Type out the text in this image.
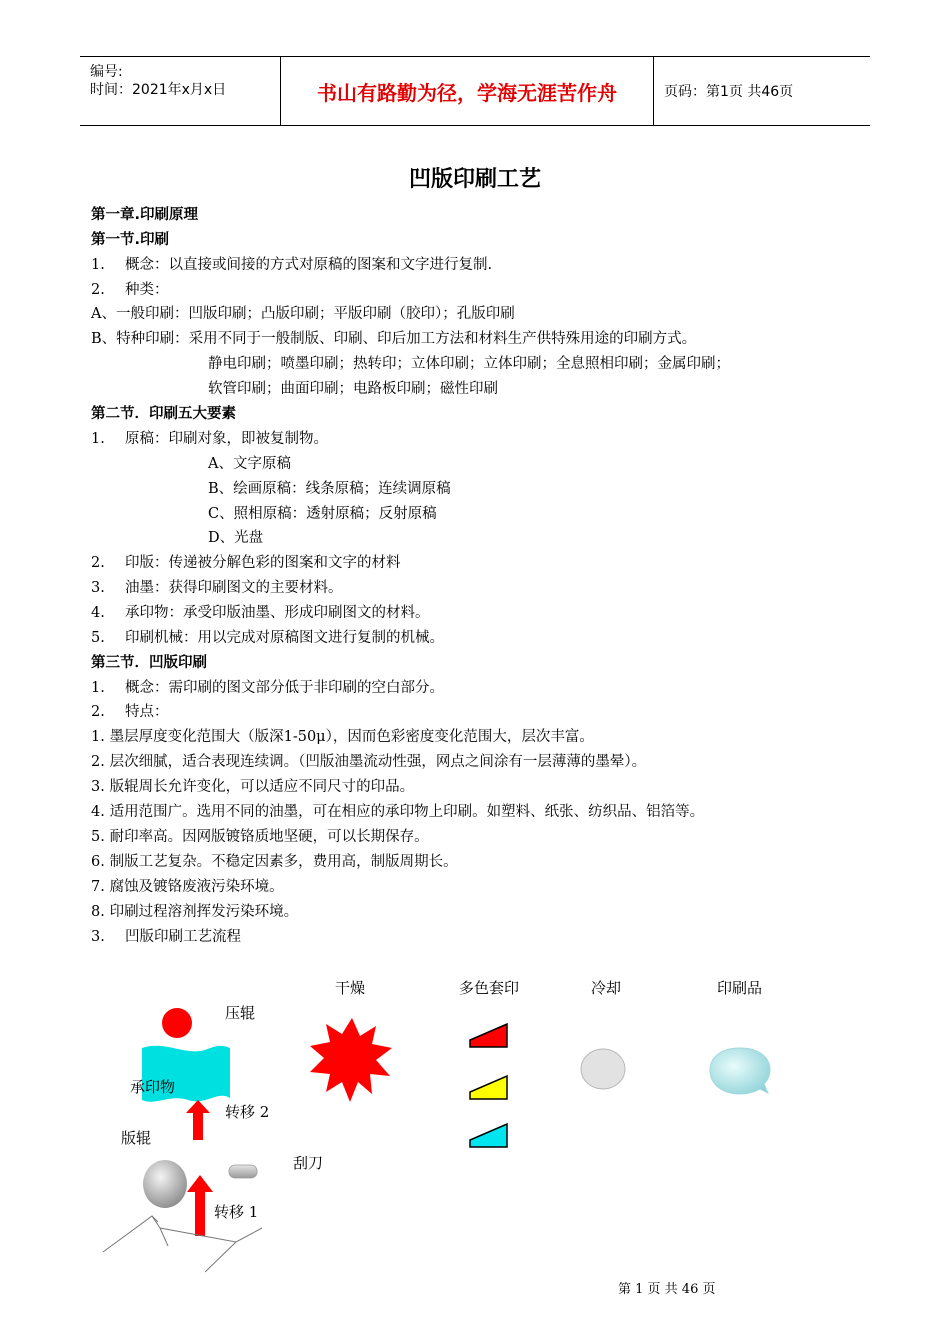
编号:
时间：2021年x月x日	书山有路勤为径，学海无涯苦作舟	页码：第1页 共46页
凹版印刷工艺
第一章.印刷原理
第一节.印刷
1. 概念：以直接或间接的方式对原稿的图案和文字进行复制.
2. 种类：
A、一般印刷：凹版印刷；凸版印刷；平版印刷（胶印）；孔版印刷
B、特种印刷：采用不同于一般制版、印刷、印后加工方法和材料生产供特殊用途的印刷方式。
静电印刷；喷墨印刷；热转印；立体印刷；立体印刷；全息照相印刷；金属印刷；
软管印刷；曲面印刷；电路板印刷；磁性印刷
第二节．印刷五大要素
1. 原稿：印刷对象，即被复制物。
A、文字原稿
B、绘画原稿：线条原稿；连续调原稿
C、照相原稿：透射原稿；反射原稿
D、光盘
2. 印版：传递被分解色彩的图案和文字的材料
3. 油墨：获得印刷图文的主要材料。
4. 承印物：承受印版油墨、形成印刷图文的材料。
5. 印刷机械：用以完成对原稿图文进行复制的机械。
第三节．凹版印刷
1. 概念：需印刷的图文部分低于非印刷的空白部分。
2. 特点：
1. 墨层厚度变化范围大（版深1-50μ），因而色彩密度变化范围大，层次丰富。
2. 层次细腻，适合表现连续调。（凹版油墨流动性强，网点之间涂有一层薄薄的墨晕）。
3. 版辊周长允许变化，可以适应不同尺寸的印品。
4. 适用范围广。选用不同的油墨，可在相应的承印物上印刷。如塑料、纸张、纺织品、铝箔等。
5. 耐印率高。因网版镀铬质地坚硬，可以长期保存。
6. 制版工艺复杂。不稳定因素多，费用高，制版周期长。
7. 腐蚀及镀铬废液污染环境。
8. 印刷过程溶剂挥发污染环境。
3. 凹版印刷工艺流程
干燥	多色套印	冷却	印刷品
压辊
承印物
转移 2
版辊
刮刀
转移 1
第 1 页 共 46 页
